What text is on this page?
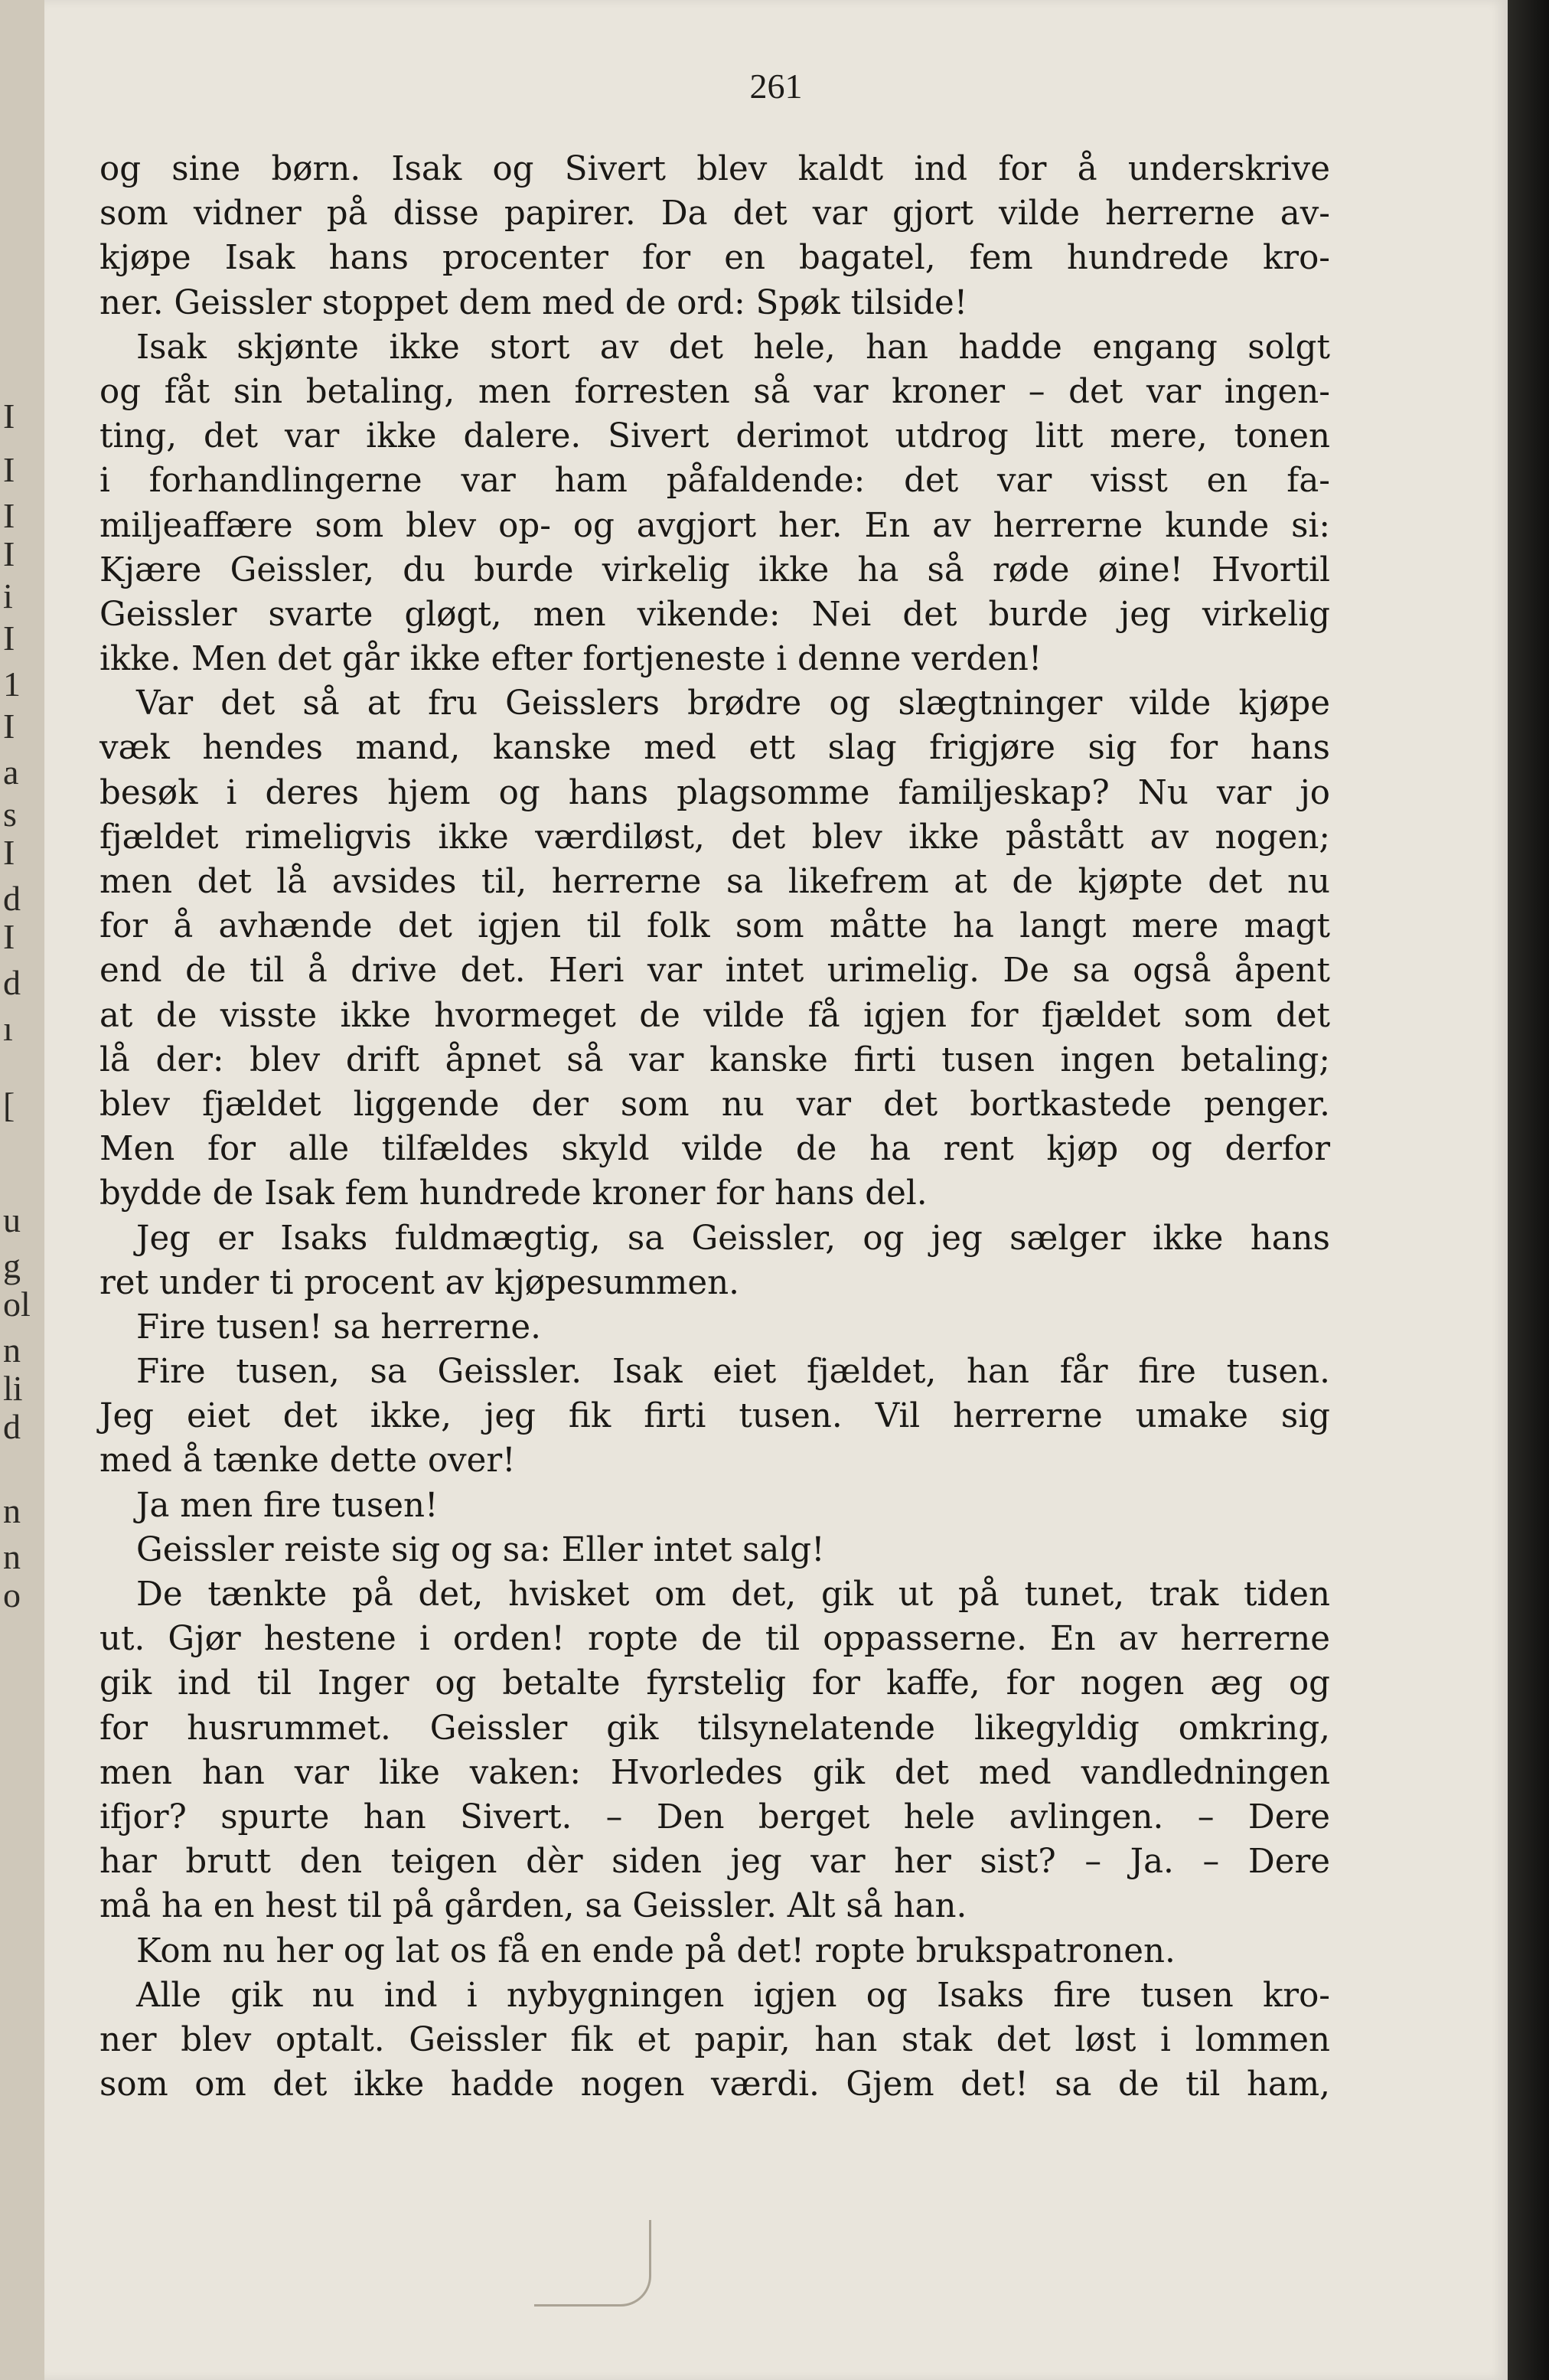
I
I
I
I
i
I
1
I
a
s
I
d
I
d
ı
[
u
g
ol
n
li
d
n
n
o
261
og sine børn. Isak og Sivert blev kaldt ind for å underskrive
som vidner på disse papirer. Da det var gjort vilde herrerne av-
kjøpe Isak hans procenter for en bagatel, fem hundrede kro-
ner. Geissler stoppet dem med de ord: Spøk tilside!
Isak skjønte ikke stort av det hele, han hadde engang solgt
og fåt sin betaling, men forresten så var kroner – det var ingen-
ting, det var ikke dalere. Sivert derimot utdrog litt mere, tonen
i forhandlingerne var ham påfaldende: det var visst en fa-
miljeaffære som blev op- og avgjort her. En av herrerne kunde si:
Kjære Geissler, du burde virkelig ikke ha så røde øine! Hvortil
Geissler svarte gløgt, men vikende: Nei det burde jeg virkelig
ikke. Men det går ikke efter fortjeneste i denne verden!
Var det så at fru Geisslers brødre og slægtninger vilde kjøpe
væk hendes mand, kanske med ett slag frigjøre sig for hans
besøk i deres hjem og hans plagsomme familjeskap? Nu var jo
fjældet rimeligvis ikke værdiløst, det blev ikke påstått av nogen;
men det lå avsides til, herrerne sa likefrem at de kjøpte det nu
for å avhænde det igjen til folk som måtte ha langt mere magt
end de til å drive det. Heri var intet urimelig. De sa også åpent
at de visste ikke hvormeget de vilde få igjen for fjældet som det
lå der: blev drift åpnet så var kanske firti tusen ingen betaling;
blev fjældet liggende der som nu var det bortkastede penger.
Men for alle tilfældes skyld vilde de ha rent kjøp og derfor
bydde de Isak fem hundrede kroner for hans del.
Jeg er Isaks fuldmægtig, sa Geissler, og jeg sælger ikke hans
ret under ti procent av kjøpesummen.
Fire tusen! sa herrerne.
Fire tusen, sa Geissler. Isak eiet fjældet, han får fire tusen.
Jeg eiet det ikke, jeg fik firti tusen. Vil herrerne umake sig
med å tænke dette over!
Ja men fire tusen!
Geissler reiste sig og sa: Eller intet salg!
De tænkte på det, hvisket om det, gik ut på tunet, trak tiden
ut. Gjør hestene i orden! ropte de til oppasserne. En av herrerne
gik ind til Inger og betalte fyrstelig for kaffe, for nogen æg og
for husrummet. Geissler gik tilsynelatende likegyldig omkring,
men han var like vaken: Hvorledes gik det med vandledningen
ifjor? spurte han Sivert. – Den berget hele avlingen. – Dere
har brutt den teigen dèr siden jeg var her sist? – Ja. – Dere
må ha en hest til på gården, sa Geissler. Alt så han.
Kom nu her og lat os få en ende på det! ropte brukspatronen.
Alle gik nu ind i nybygningen igjen og Isaks fire tusen kro-
ner blev optalt. Geissler fik et papir, han stak det løst i lommen
som om det ikke hadde nogen værdi. Gjem det! sa de til ham,
